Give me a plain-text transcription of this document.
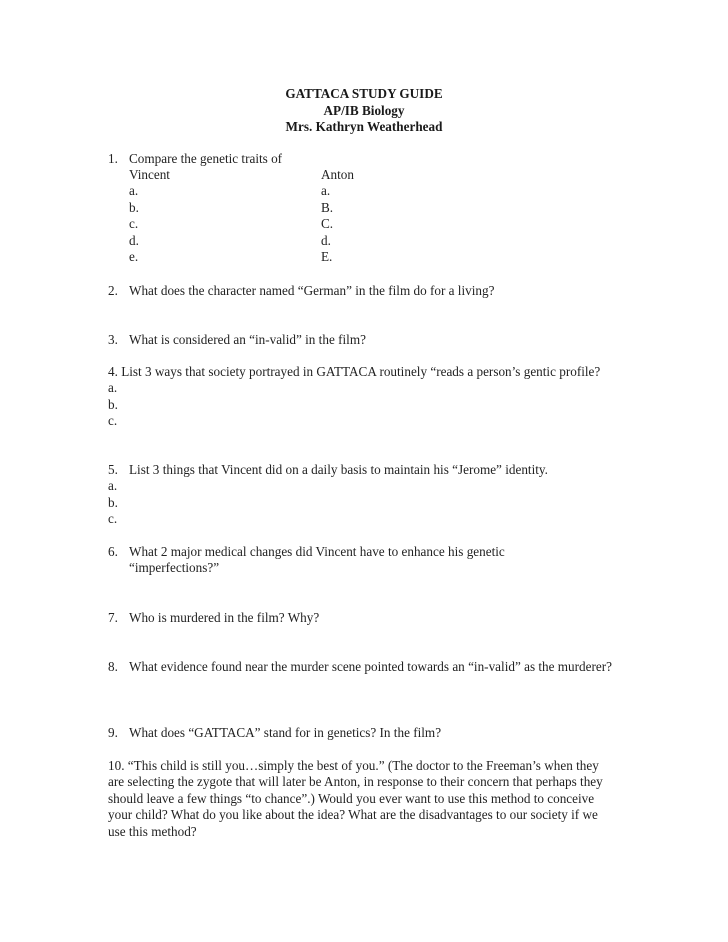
GATTACA STUDY GUIDE
AP/IB Biology
Mrs. Kathryn Weatherhead
1. Compare the genetic traits of
Vincent
a.
b.
c.
d.
e.
Anton
a.
B.
C.
d.
E.
2. What does the character named “German” in the film do for a living?
3. What is considered an “in-valid” in the film?
4. List 3 ways that society portrayed in GATTACA routinely “reads a person’s gentic profile?
a.
b.
c.
5. List 3 things that Vincent did on a daily basis to maintain his “Jerome” identity.
a.
b.
c.
6. What 2 major medical changes did Vincent have to enhance his genetic “imperfections?”
7. Who is murdered in the film? Why?
8. What evidence found near the murder scene pointed towards an “in-valid” as the murderer?
9. What does “GATTACA” stand for in genetics? In the film?
10. “This child is still you…simply the best of you.” (The doctor to the Freeman’s when they are selecting the zygote that will later be Anton, in response to their concern that perhaps they should leave a few things “to chance”.) Would you ever want to use this method to conceive your child? What do you like about the idea? What are the disadvantages to our society if we use this method?
